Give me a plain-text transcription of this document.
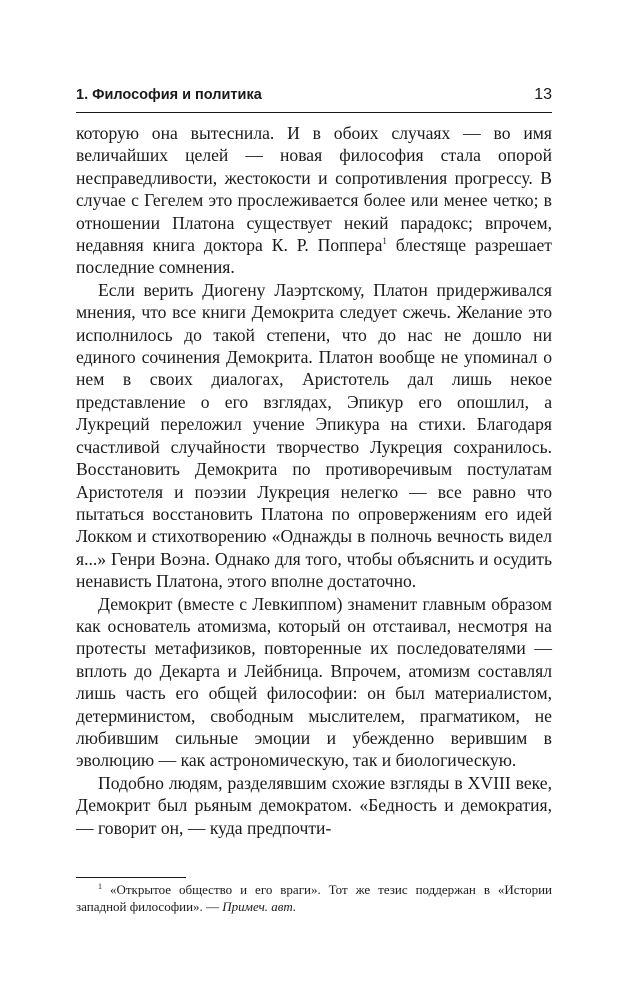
1. Философия и политика	13

которую она вытеснила. И в обоих случаях — во имя величайших целей — новая философия стала опорой несправедливости, жестокости и сопротивления прогрессу. В случае с Гегелем это прослеживается более или менее четко; в отношении Платона существует некий парадокс; впрочем, недавняя книга доктора К. Р. Поппера$^1$ блестяще разрешает последние сомнения.

Если верить Диогену Лаэртскому, Платон придерживался мнения, что все книги Демокрита следует сжечь. Желание это исполнилось до такой степени, что до нас не дошло ни единого сочинения Демокрита. Платон вообще не упоминал о нем в своих диалогах, Аристотель дал лишь некое представление о его взглядах, Эпикур его опошлил, а Лукреций переложил учение Эпикура на стихи. Благодаря счастливой случайности творчество Лукреция сохранилось. Восстановить Демокрита по противоречивым постулатам Аристотеля и поэзии Лукреция нелегко — все равно что пытаться восстановить Платона по опровержениям его идей Локком и стихотворению «Однажды в полночь вечность видел я...» Генри Воэна. Однако для того, чтобы объяснить и осудить ненависть Платона, этого вполне достаточно.

Демокрит (вместе с Левкиппом) знаменит главным образом как основатель атомизма, который он отстаивал, несмотря на протесты метафизиков, повторенные их последователями — вплоть до Декарта и Лейбница. Впрочем, атомизм составлял лишь часть его общей философии: он был материалистом, детерминистом, свободным мыслителем, прагматиком, не любившим сильные эмоции и убежденно верившим в эволюцию — как астрономическую, так и биологическую.

Подобно людям, разделявшим схожие взгляды в XVIII веке, Демокрит был рьяным демократом. «Бедность и демократия, — говорит он, — куда предпочти-

$^1$ «Открытое общество и его враги». Тот же тезис поддержан в «Истории западной философии». — Примеч. авт.
